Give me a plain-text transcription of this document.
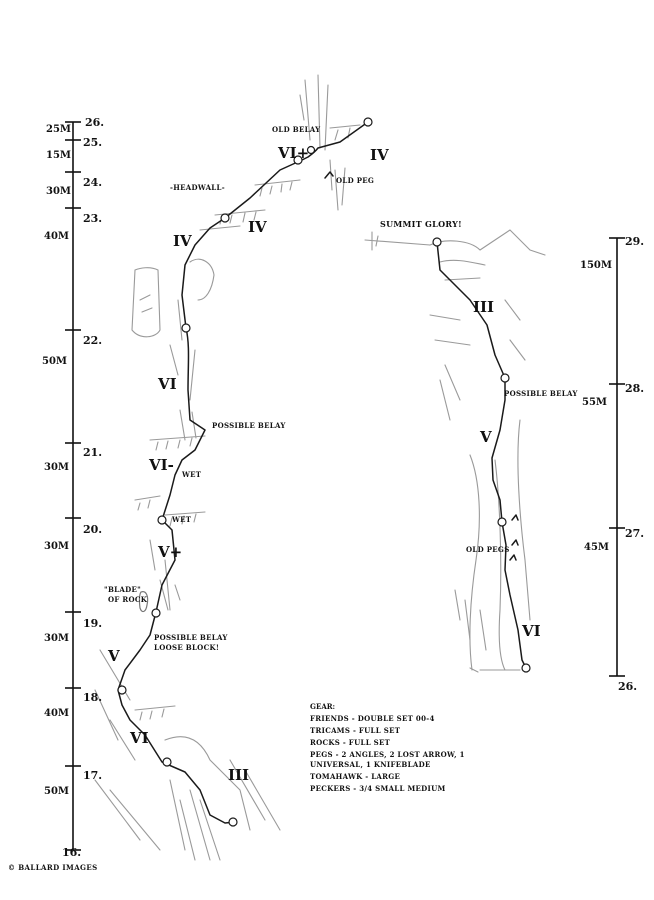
26.
25.
24.
23.
22.
21.
20.
19.
18.
17.
16.
25M
15M
30M
40M
50M
30M
30M
30M
40M
50M
29.
28.
27.
26.
150M
55M
45M
VI+	IV
IV
IV
VI
VI-
V+
V
VI
III
III
V
VI
OLD BELAY
OLD PEG
-HEADWALL-
SUMMIT GLORY!
POSSIBLE BELAY
POSSIBLE BELAY
WET
WET
"BLADE"
OF ROCK
POSSIBLE BELAY
LOOSE BLOCK!
OLD PEGS
GEAR:
FRIENDS - DOUBLE SET 00-4
TRICAMS - FULL SET
ROCKS - FULL SET
PEGS - 2 ANGLES, 2 LOST ARROW, 1
UNIVERSAL, 1 KNIFEBLADE
TOMAHAWK - LARGE
PECKERS - 3/4 SMALL MEDIUM
© BALLARD IMAGES
